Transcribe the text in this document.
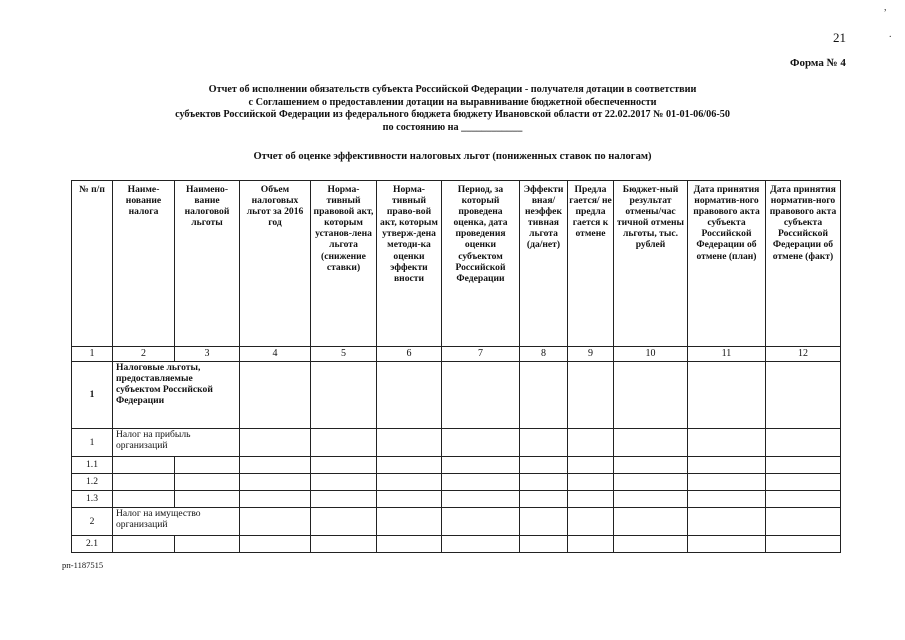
21
,
.
Форма № 4
Отчет об исполнении обязательств субъекта Российской Федерации - получателя дотации в соответствии
с Соглашением о предоставлении дотации на выравнивание бюджетной обеспеченности
субъектов Российской Федерации из федерального бюджета бюджету Ивановской области от 22.02.2017 № 01-01-06/06-50
по состоянию на ____________
Отчет об оценке эффективности налоговых льгот (пониженных ставок по налогам)
№ п/п	Наиме-нование налога	Наимено-вание налоговой льготы	Объем налоговых льгот за 2016 год	Норма-тивный правовой акт, которым установ-лена льгота (снижение ставки)	Норма-тивный право-вой акт, которым утверж-дена методи-ка оценки эффекти вности	Период, за который проведена оценка, дата проведения оценки субъектом Российской Федерации	Эффекти вная/ неэффек тивная льгота (да/нет)	Предла гается/ не предла гается к отмене	Бюджет-ный результат отмены/час тичной отмены льготы, тыс. рублей	Дата принятия норматив-ного правового акта субъекта Российской Федерации об отмене (план)	Дата принятия норматив-ного правового акта субъекта Российской Федерации об отмене (факт)
1	2	3	4	5	6	7	8	9	10	11	12
1	Налоговые льготы, предоставляемые субъектом Российской Федерации										
1	Налог на прибыль организаций										
1.1											
1.2											
1.3											
2	Налог на имущество организаций										
2.1											
рп-1187515
